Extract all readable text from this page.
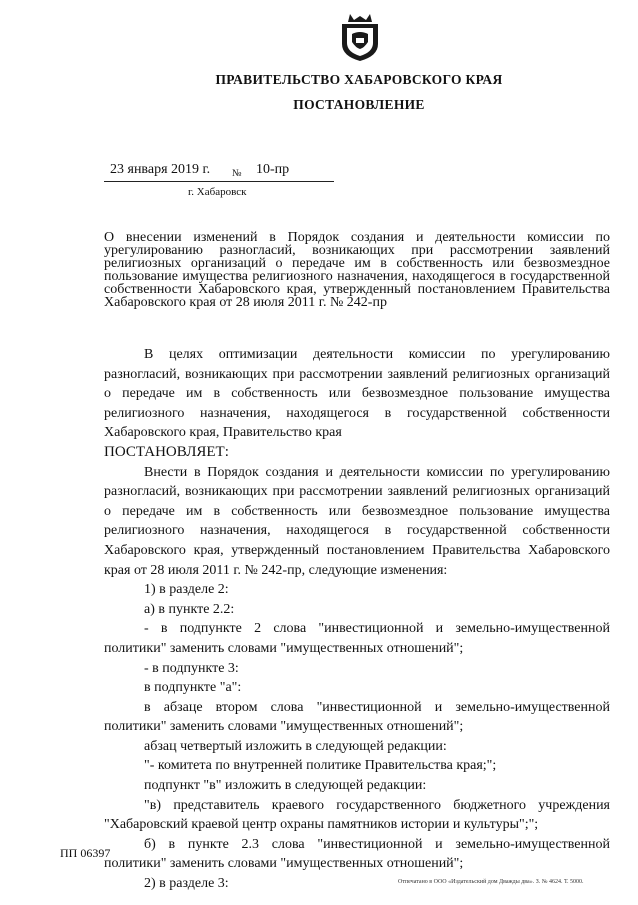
ПРАВИТЕЛЬСТВО ХАБАРОВСКОГО КРАЯ
ПОСТАНОВЛЕНИЕ
23 января 2019 г. № 10-пр
г. Хабаровск
О внесении изменений в Порядок создания и деятельности комиссии по урегулированию разногласий, возникающих при рассмотрении заявлений религиозных организаций о передаче им в собственность или безвозмездное пользование имущества религиозного назначения, находящегося в государственной собственности Хабаровского края, утвержденный постановлением Правительства Хабаровского края от 28 июля 2011 г. № 242-пр

В целях оптимизации деятельности комиссии по урегулированию разногласий, возникающих при рассмотрении заявлений религиозных организаций о передаче им в собственность или безвозмездное пользование имущества религиозного назначения, находящегося в государственной собственности Хабаровского края, Правительство края

ПОСТАНОВЛЯЕТ:

Внести в Порядок создания и деятельности комиссии по урегулированию разногласий, возникающих при рассмотрении заявлений религиозных организаций о передаче им в собственность или безвозмездное пользование имущества религиозного назначения, находящегося в государственной собственности Хабаровского края, утвержденный постановлением Правительства Хабаровского края от 28 июля 2011 г. № 242-пр, следующие изменения:

1) в разделе 2:

а) в пункте 2.2:

- в подпункте 2 слова "инвестиционной и земельно-имущественной политики" заменить словами "имущественных отношений";

- в подпункте 3:

в подпункте "а":

в абзаце втором слова "инвестиционной и земельно-имущественной политики" заменить словами "имущественных отношений";

абзац четвертый изложить в следующей редакции:

"- комитета по внутренней политике Правительства края;";

подпункт "в" изложить в следующей редакции:

"в) представитель краевого государственного бюджетного учреждения "Хабаровский краевой центр охраны памятников истории и культуры";";

б) в пункте 2.3 слова "инвестиционной и земельно-имущественной политики" заменить словами "имущественных отношений";

2) в разделе 3:

ПП 06397
Отпечатано в ООО «Издательский дом Дважды два». З. № 4624. Т. 5000.
